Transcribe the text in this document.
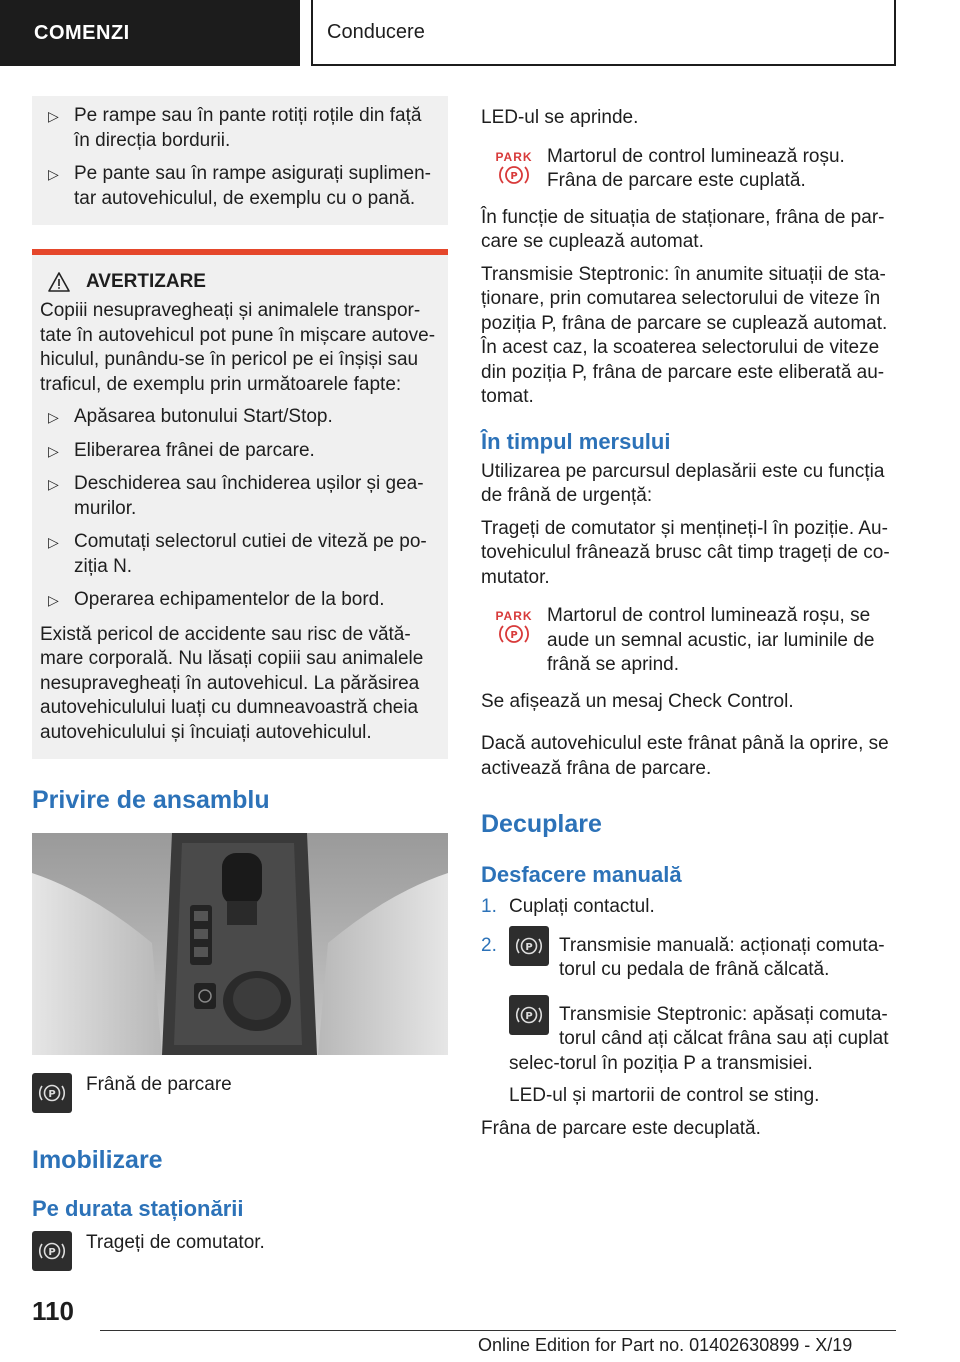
COMENZI	Conducere
▷ Pe rampe sau în pante rotiți roțile din față în direcția bordurii.
▷ Pe pante sau în rampe asigurați suplimen-tar autovehiculul, de exemplu cu o pană.
AVERTIZARE

Copiii nesupravegheați și animalele transpor-tate în autovehicul pot pune în mișcare autove-hiculul, punându-se în pericol pe ei înșiși sau traficul, de exemplu prin următoarele fapte:

▷ Apăsarea butonului Start/Stop.
▷ Eliberarea frânei de parcare.
▷ Deschiderea sau închiderea ușilor și gea-murilor.
▷ Comutați selectorul cutiei de viteză pe po-ziția N.
▷ Operarea echipamentelor de la bord.

Există pericol de accidente sau risc de vătă-mare corporală. Nu lăsați copiii sau animalele nesupravegheați în autovehicul. La părăsirea autovehiculului luați cu dumneavoastră cheia autovehiculului și încuiați autovehiculul.

Privire de ansamblu
P Frână de parcare

Imobilizare
Pe durata staționării
P Trageți de comutator.

LED-ul se aprinde.

PARK
P

Martorul de control luminează roșu. Frâna de parcare este cuplată.

În funcție de situația de staționare, frâna de par-care se cuplează automat.

Transmisie Steptronic: în anumite situații de sta-ționare, prin comutarea selectorului de viteze în poziția P, frâna de parcare se cuplează automat. În acest caz, la scoaterea selectorului de viteze din poziția P, frâna de parcare este eliberată au-tomat.

În timpul mersului

Utilizarea pe parcursul deplasării este cu funcția de frână de urgență:

Trageți de comutator și mențineți-l în poziție. Au-tovehiculul frânează brusc cât timp trageți de co-mutator.

PARK
P

Martorul de control luminează roșu, se aude un semnal acustic, iar luminile de frână se aprind.

Se afișează un mesaj Check Control.

Dacă autovehiculul este frânat până la oprire, se activează frâna de parcare.

Decuplare
Desfacere manuală
1. Cuplați contactul.
2.	P Transmisie manuală: acționați comuta-torul cu pedala de frână călcată.
P Transmisie Steptronic: apăsați comuta-torul când ați călcat frâna sau ați cuplat selec-torul în poziția P a transmisiei.

LED-ul și martorii de control se sting.

Frâna de parcare este decuplată.

110
Online Edition for Part no. 01402630899 - X/19
